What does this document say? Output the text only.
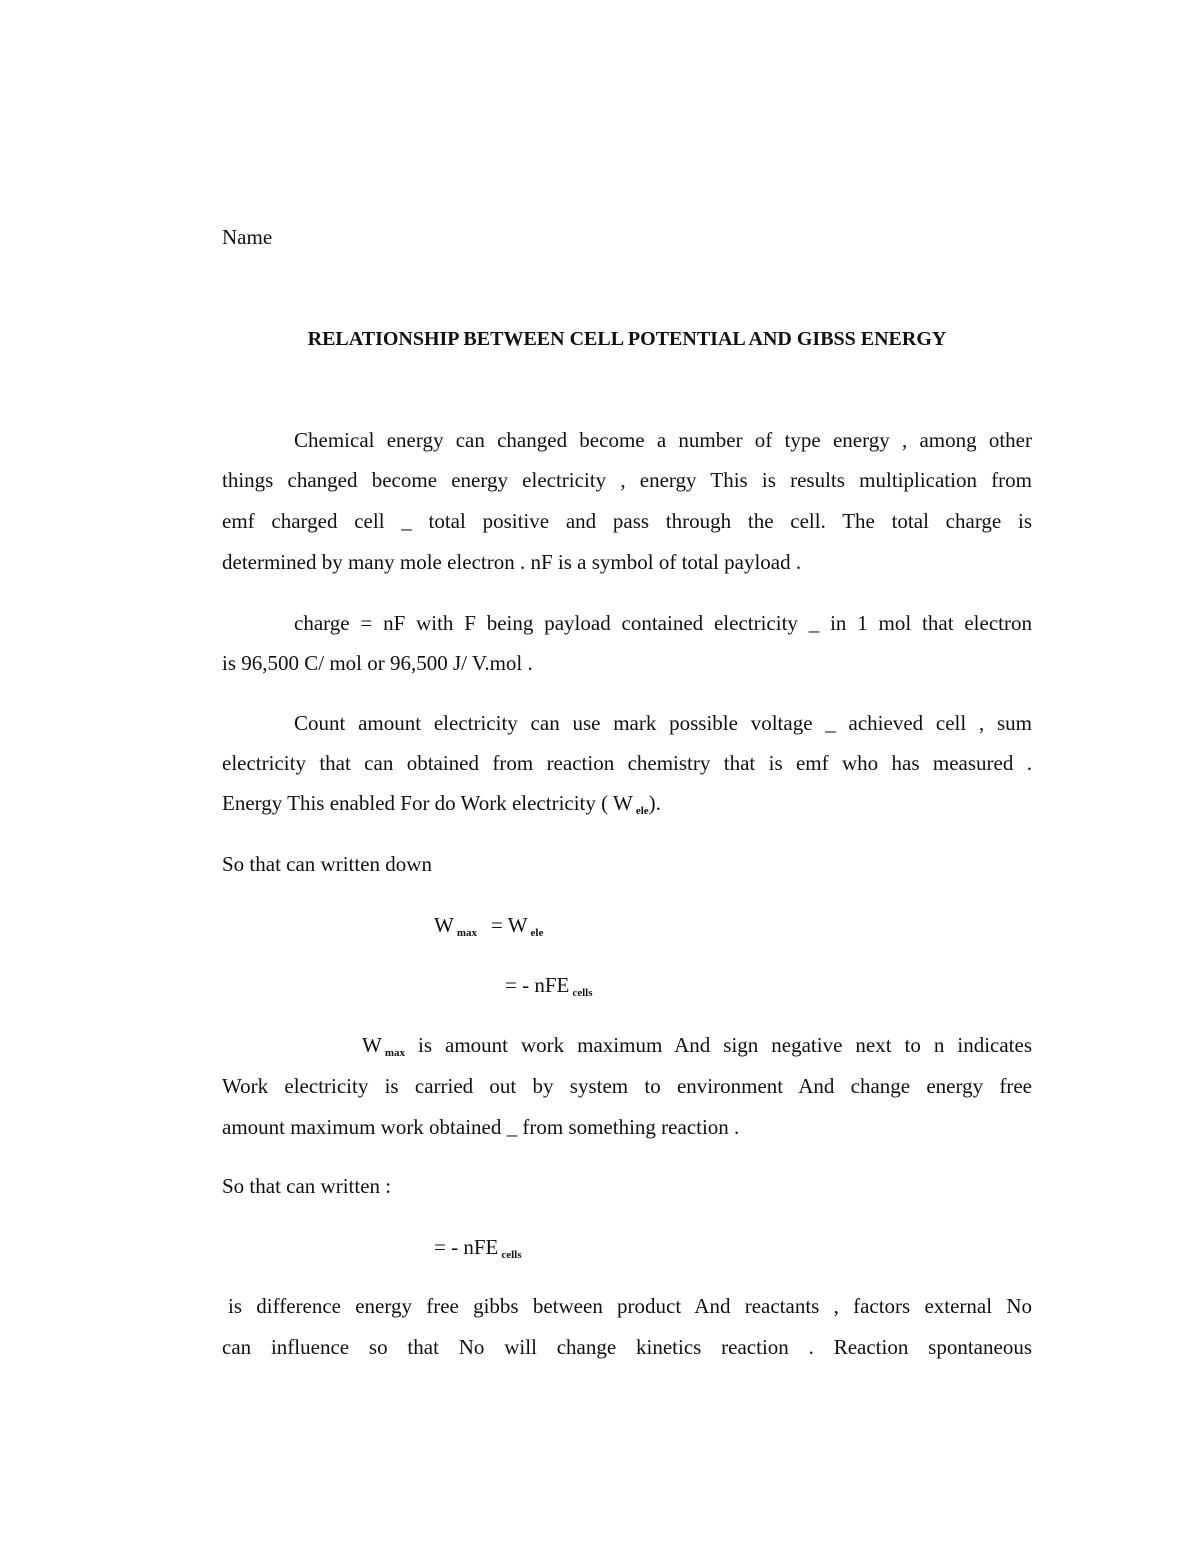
Name
RELATIONSHIP BETWEEN CELL POTENTIAL AND GIBSS ENERGY
Chemical energy can changed become a number of type energy , among other
things changed become energy electricity , energy This is results multiplication from
emf charged cell _ total positive and pass through the cell. The total charge is
determined by many mole electron . nF is a symbol of total payload .
charge = nF with F being payload contained electricity _ in 1 mol that electron
is 96,500 C/ mol or 96,500 J/ V.mol .
Count amount electricity can use mark possible voltage _ achieved cell , sum
electricity that can obtained from reaction chemistry that is emf who has measured .
Energy This enabled For do Work electricity ( W $_{ele}$).
So that can written down
W $_{max}$ = W $_{ele}$
= - nFE $_{cells}$
W $_{max}$ is amount work maximum And sign negative next to n indicates
Work electricity is carried out by system to environment And change energy free
amount maximum work obtained _ from something reaction .
So that can written :
= - nFE $_{cells}$
is difference energy free gibbs between product And reactants , factors external No
can influence so that No will change kinetics reaction . Reaction spontaneous
